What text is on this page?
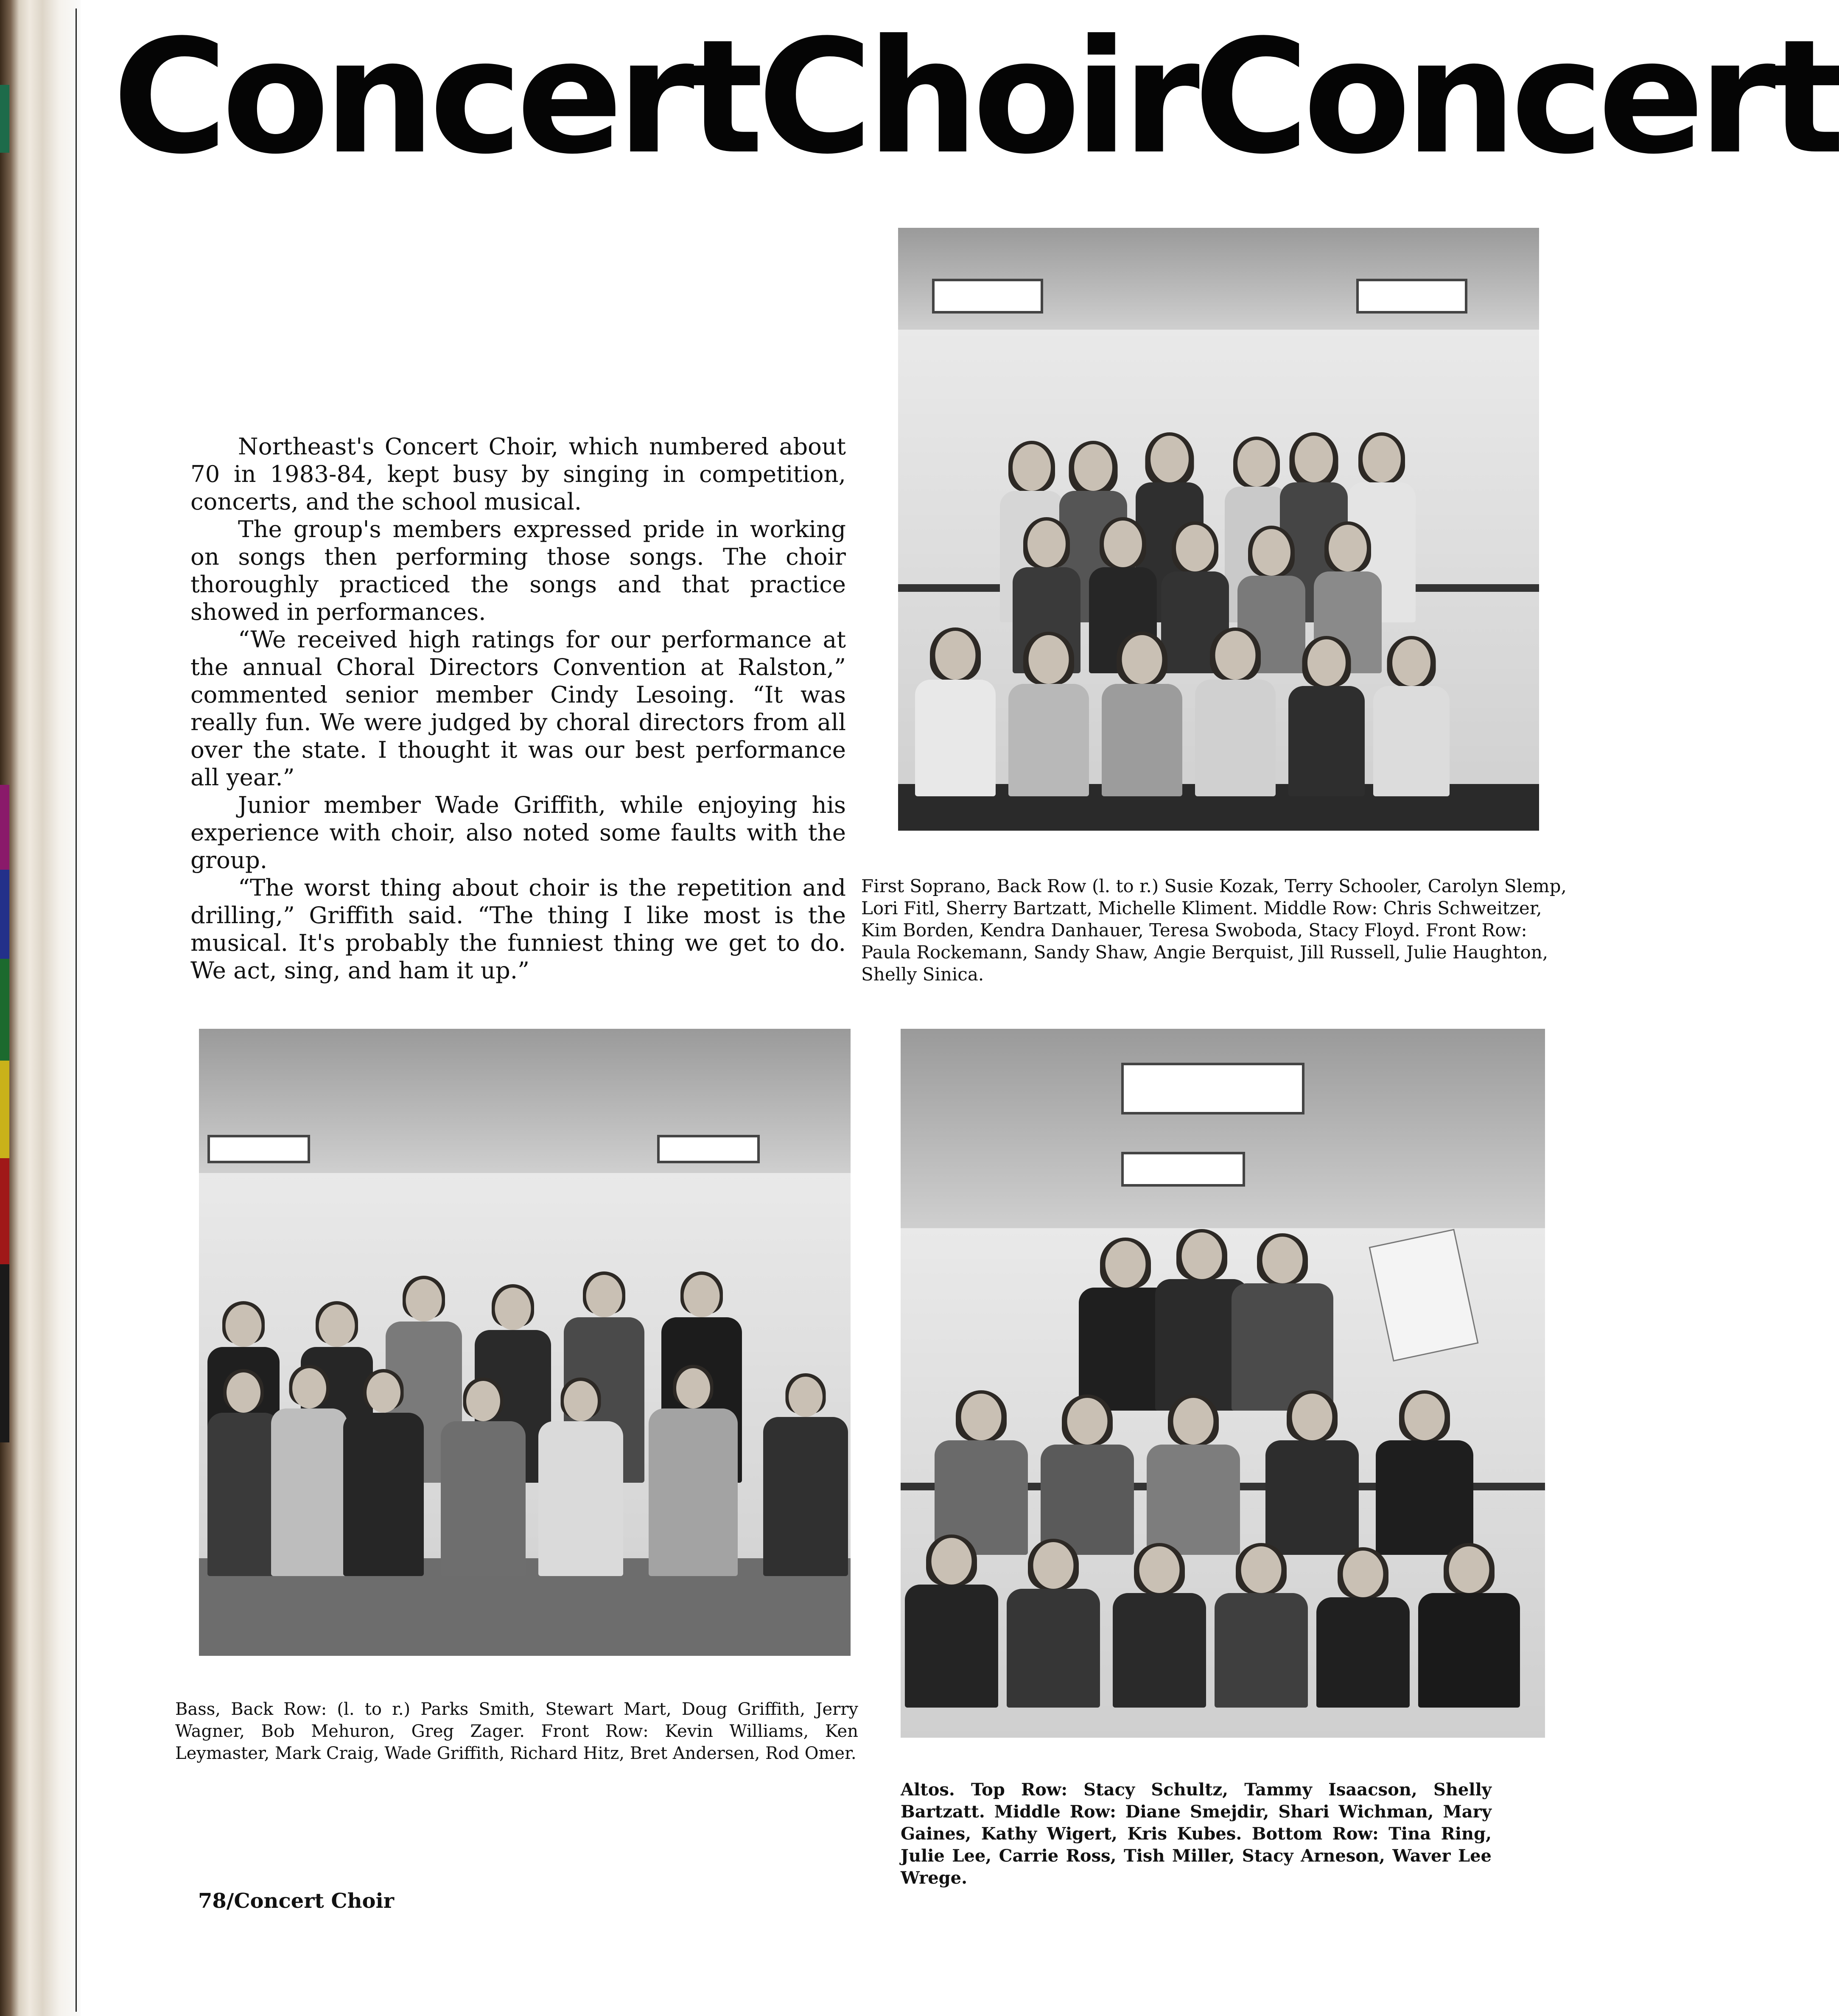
ConcertChoirConcert

Northeast's Concert Choir, which numbered about 70 in 1983-84, kept busy by singing in competition, concerts, and the school musical.

The group's members expressed pride in working on songs then performing those songs. The choir thoroughly practiced the songs and that practice showed in performances.

“We received high ratings for our performance at the annual Choral Directors Convention at Ralston,” commented senior member Cindy Lesoing. “It was really fun. We were judged by choral directors from all over the state. I thought it was our best performance all year.”

Junior member Wade Griffith, while enjoying his experience with choir, also noted some faults with the group.

“The worst thing about choir is the repetition and drilling,” Griffith said. “The thing I like most is the musical. It's probably the funniest thing we get to do. We act, sing, and ham it up.”

First Soprano, Back Row (l. to r.) Susie Kozak, Terry Schooler, Carolyn Slemp, Lori Fitl, Sherry Bartzatt, Michelle Kliment. Middle Row: Chris Schweitzer, Kim Borden, Kendra Danhauer, Teresa Swoboda, Stacy Floyd. Front Row: Paula Rockemann, Sandy Shaw, Angie Berquist, Jill Russell, Julie Haughton, Shelly Sinica.
Bass, Back Row: (l. to r.) Parks Smith, Stewart Mart, Doug Griffith, Jerry Wagner, Bob Mehuron, Greg Zager. Front Row: Kevin Williams, Ken Leymaster, Mark Craig, Wade Griffith, Richard Hitz, Bret Andersen, Rod Omer.
Altos. Top Row: Stacy Schultz, Tammy Isaacson, Shelly Bartzatt. Middle Row: Diane Smejdir, Shari Wichman, Mary Gaines, Kathy Wigert, Kris Kubes. Bottom Row: Tina Ring, Julie Lee, Carrie Ross, Tish Miller, Stacy Arneson, Waver Lee Wrege.
78/Concert Choir
